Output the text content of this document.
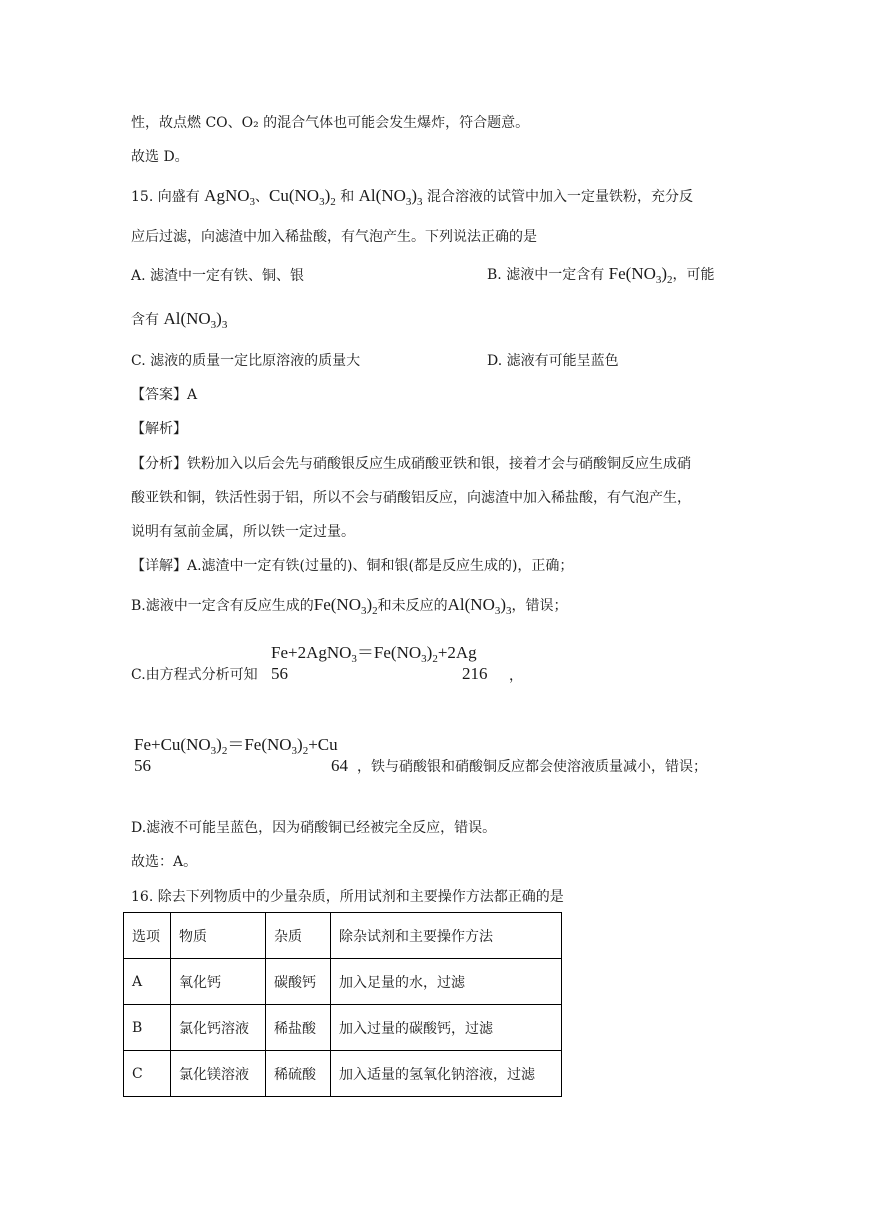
性，故点燃 CO、O₂ 的混合气体也可能会发生爆炸，符合题意。
故选 D。
15. 向盛有 AgNO$_3$、$Cu(NO_3)_2$ 和 $Al(NO_3)_3$ 混合溶液的试管中加入一定量铁粉，充分反
应后过滤，向滤渣中加入稀盐酸，有气泡产生。下列说法正确的是
A. 滤渣中一定有铁、铜、银	B. 滤液中一定含有 $Fe(NO_3)_2$，可能
含有 $Al(NO_3)_3$
C. 滤液的质量一定比原溶液的质量大	D. 滤液有可能呈蓝色
【答案】A
【解析】
【分析】铁粉加入以后会先与硝酸银反应生成硝酸亚铁和银，接着才会与硝酸铜反应生成硝
酸亚铁和铜，铁活性弱于铝，所以不会与硝酸铝反应，向滤渣中加入稀盐酸，有气泡产生，
说明有氢前金属，所以铁一定过量。
【详解】A.滤渣中一定有铁(过量的)、铜和银(都是反应生成的)，正确；
B.滤液中一定含有反应生成的$Fe(NO_3)_2$和未反应的$Al(NO_3)_3$，错误；
$Fe+2AgNO_3=Fe(NO_3)_2+2Ag$
C.由方程式分析可知 56	216 ，
$Fe+Cu(NO_3)_2=Fe(NO_3)_2+Cu$
56	64 ，铁与硝酸银和硝酸铜反应都会使溶液质量减小，错误；
D.滤液不可能呈蓝色，因为硝酸铜已经被完全反应，错误。
故选：A。
16. 除去下列物质中的少量杂质，所用试剂和主要操作方法都正确的是
选项	物质	杂质	除杂试剂和主要操作方法
A	氧化钙	碳酸钙	加入足量的水，过滤
B	氯化钙溶液	稀盐酸	加入过量的碳酸钙，过滤
C	氯化镁溶液	稀硫酸	加入适量的氢氧化钠溶液，过滤
